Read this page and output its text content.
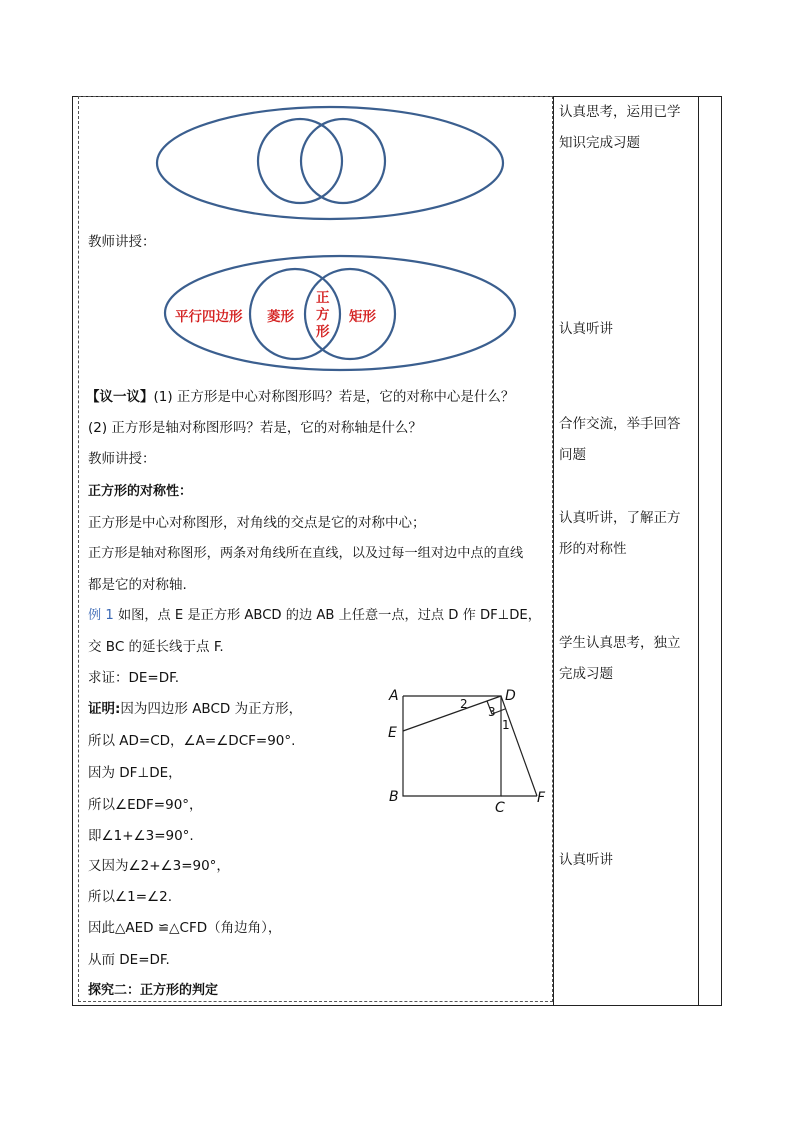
教师讲授：
平行四边形 菱形
正
方
形
矩形
【议一议】(1) 正方形是中心对称图形吗？若是，它的对称中心是什么？
(2) 正方形是轴对称图形吗？若是，它的对称轴是什么？
教师讲授：
正方形的对称性：
正方形是中心对称图形，对角线的交点是它的对称中心；
正方形是轴对称图形，两条对角线所在直线，以及过每一组对边中点的直线
都是它的对称轴.
例 1 如图，点 E 是正方形 ABCD 的边 AB 上任意一点，过点 D 作 DF⊥DE，
交 BC 的延长线于点 F.
求证：DE=DF.
证明:因为四边形 ABCD 为正方形，
所以 AD=CD，∠A=∠DCF=90°.
因为 DF⊥DE，
所以∠EDF=90°，
即∠1+∠3=90°.
又因为∠2+∠3=90°，
所以∠1=∠2.
因此△AED ≌△CFD（角边角），
从而 DE=DF.
探究二：正方形的判定
A	D
E
B
C
F
2
3
1
认真思考，运用已学
知识完成习题
认真听讲
合作交流，举手回答
问题
认真听讲，了解正方
形的对称性
学生认真思考，独立
完成习题
认真听讲
